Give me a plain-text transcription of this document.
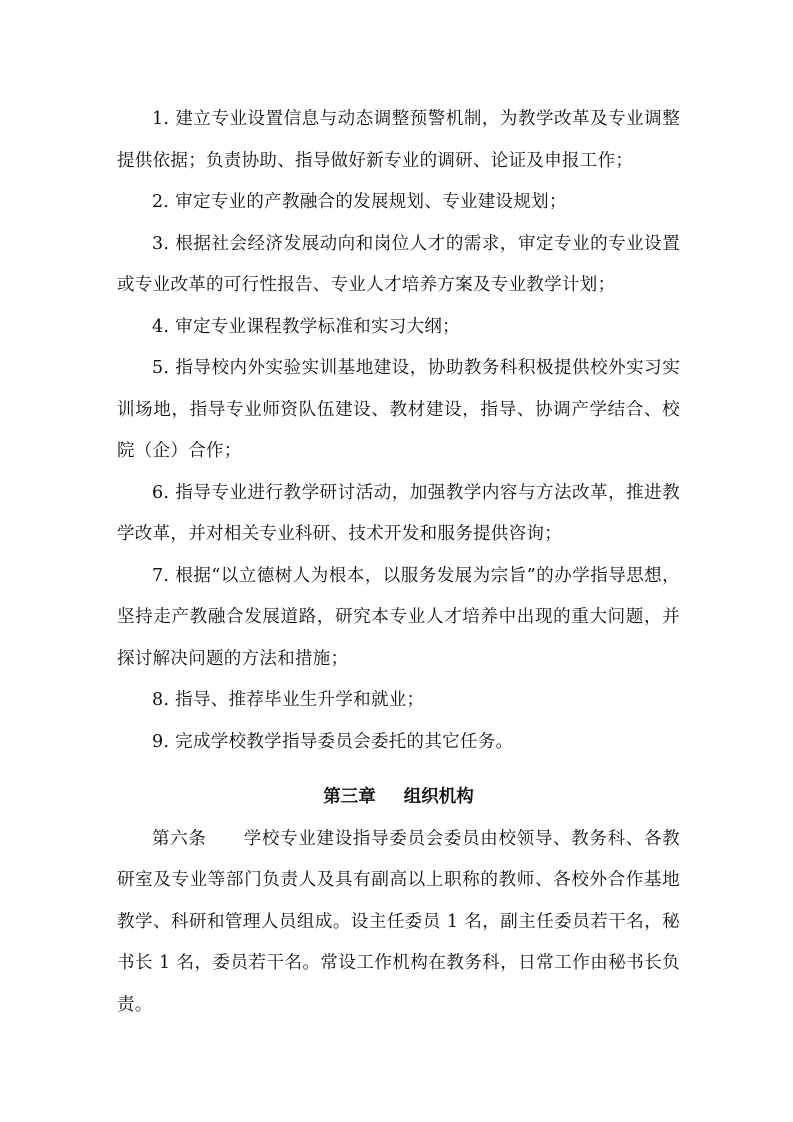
1. 建立专业设置信息与动态调整预警机制，为教学改革及专业调整提供依据；负责协助、指导做好新专业的调研、论证及申报工作；

2. 审定专业的产教融合的发展规划、专业建设规划；

3. 根据社会经济发展动向和岗位人才的需求，审定专业的专业设置或专业改革的可行性报告、专业人才培养方案及专业教学计划；

4. 审定专业课程教学标准和实习大纲；

5. 指导校内外实验实训基地建设，协助教务科积极提供校外实习实训场地，指导专业师资队伍建设、教材建设，指导、协调产学结合、校院（企）合作；

6. 指导专业进行教学研讨活动，加强教学内容与方法改革，推进教学改革，并对相关专业科研、技术开发和服务提供咨询；

7. 根据“以立德树人为根本，以服务发展为宗旨”的办学指导思想，坚持走产教融合发展道路，研究本专业人才培养中出现的重大问题，并探讨解决问题的方法和措施；

8. 指导、推荐毕业生升学和就业；

9. 完成学校教学指导委员会委托的其它任务。

第三章 组织机构

第六条 学校专业建设指导委员会委员由校领导、教务科、各教研室及专业等部门负责人及具有副高以上职称的教师、各校外合作基地教学、科研和管理人员组成。设主任委员 1 名，副主任委员若干名，秘书长 1 名，委员若干名。常设工作机构在教务科，日常工作由秘书长负责。
